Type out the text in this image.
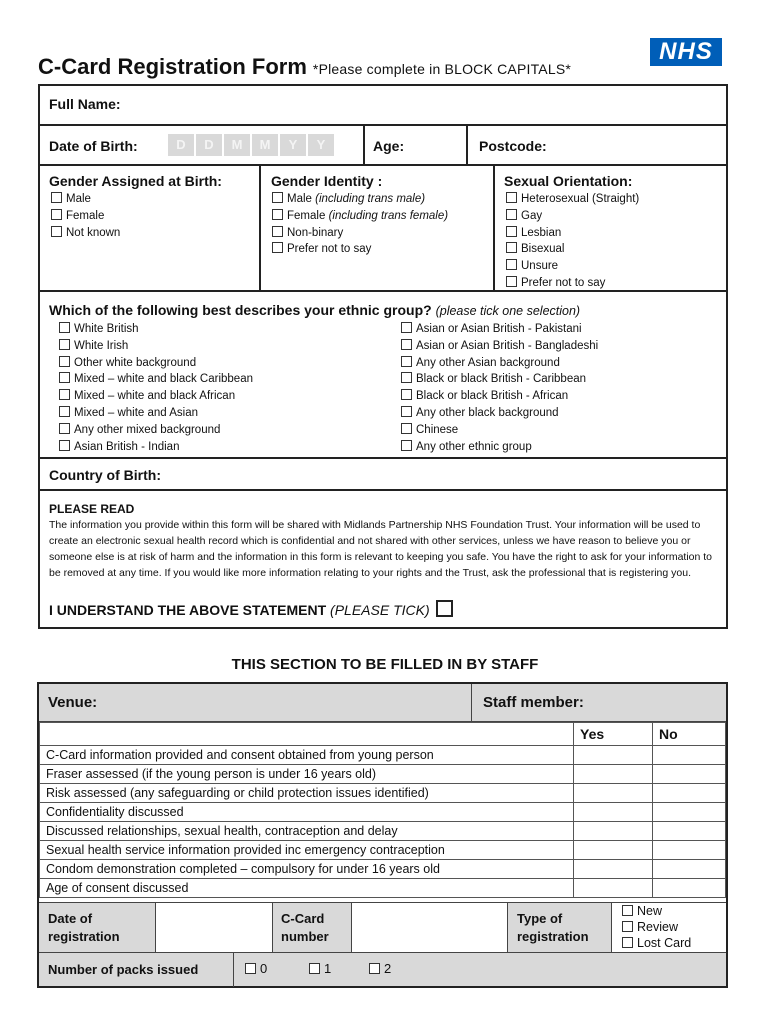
C-Card Registration Form *Please complete in BLOCK CAPITALS*
NHS
Full Name:
Date of Birth:	D D M M Y Y	Age:	Postcode:
Gender Assigned at Birth:
Male
Female
Not known
Gender Identity :
Male (including trans male)
Female (including trans female)
Non-binary
Prefer not to say
Sexual Orientation:
Heterosexual (Straight)
Gay
Lesbian
Bisexual
Unsure
Prefer not to say
Which of the following best describes your ethnic group? (please tick one selection)
White British
White Irish
Other white background
Mixed – white and black Caribbean
Mixed – white and black African
Mixed – white and Asian
Any other mixed background
Asian British - Indian
Asian or Asian British - Pakistani
Asian or Asian British - Bangladeshi
Any other Asian background
Black or black British - Caribbean
Black or black British - African
Any other black background
Chinese
Any other ethnic group
Country of Birth:
PLEASE READ
The information you provide within this form will be shared with Midlands Partnership NHS Foundation Trust. Your information will be used to create an electronic sexual health record which is confidential and not shared with other services, unless we have reason to believe you or someone else is at risk of harm and the information in this form is relevant to keeping you safe. You have the right to ask for your information to be removed at any time. If you would like more information relating to your rights and the Trust, ask the professional that is registering you.
I UNDERSTAND THE ABOVE STATEMENT (PLEASE TICK)
THIS SECTION TO BE FILLED IN BY STAFF
Venue:	Staff member:
	Yes	No
C-Card information provided and consent obtained from young person		
Fraser assessed (if the young person is under 16 years old)		
Risk assessed (any safeguarding or child protection issues identified)		
Confidentiality discussed		
Discussed relationships, sexual health, contraception and delay		
Sexual health service information provided inc emergency contraception		
Condom demonstration completed – compulsory for under 16 years old		
Age of consent discussed		
Date of registration
C-Card number
Type of registration
New
Review
Lost Card
Number of packs issued	0	1	2
